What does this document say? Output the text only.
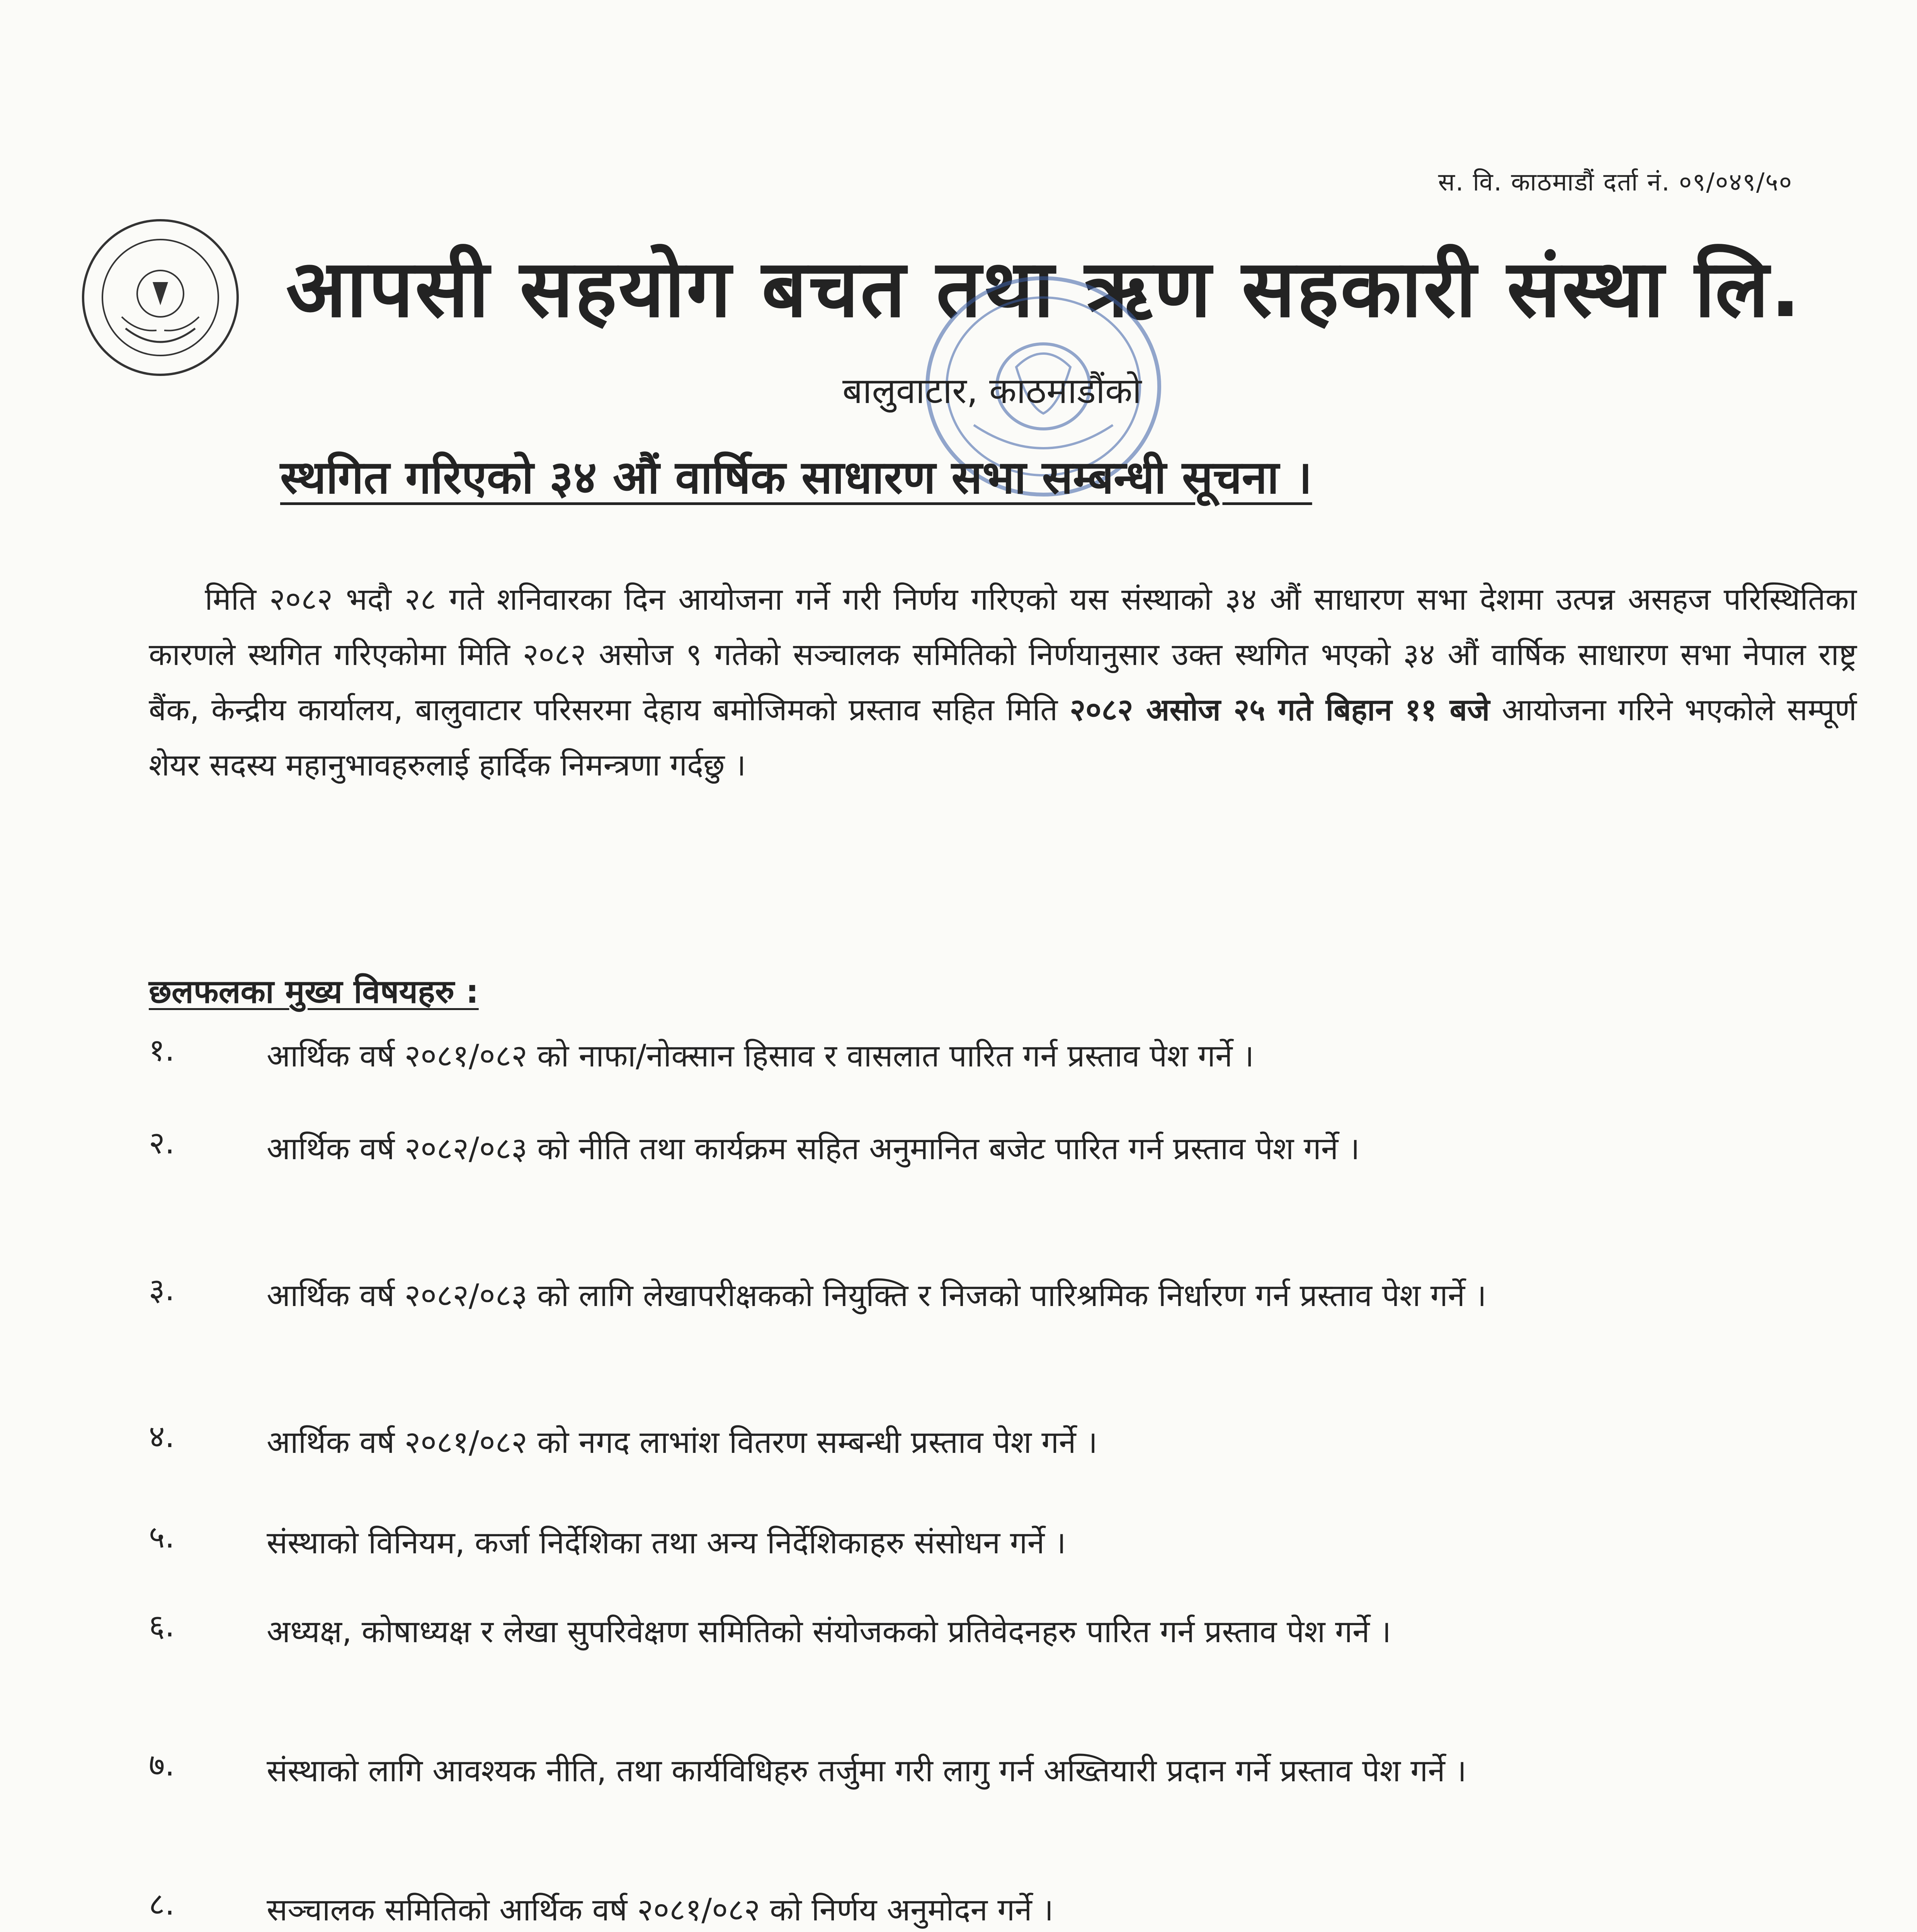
स. वि. काठमाडौं दर्ता नं. ०९/०४९/५०
आपसी सहयोग बचत तथा ऋण सहकारी संस्था लि.
बालुवाटार, काठमाडौंको
स्थगित गरिएको ३४ औं वार्षिक साधारण सभा सम्बन्धी सूचना ।
मिति २०८२ भदौ २८ गते शनिवारका दिन आयोजना गर्ने गरी निर्णय गरिएको यस संस्थाको ३४ औं साधारण सभा देशमा उत्पन्न असहज परिस्थितिका कारणले स्थगित गरिएकोमा मिति २०८२ असोज ९ गतेको सञ्चालक समितिको निर्णयानुसार उक्त स्थगित भएको ३४ औं वार्षिक साधारण सभा नेपाल राष्ट्र बैंक, केन्द्रीय कार्यालय, बालुवाटार परिसरमा देहाय बमोजिमको प्रस्ताव सहित मिति २०८२ असोज २५ गते बिहान ११ बजे आयोजना गरिने भएकोले सम्पूर्ण शेयर सदस्य महानुभावहरुलाई हार्दिक निमन्त्रणा गर्दछु ।
छलफलका मुख्य विषयहरु :
१.	आर्थिक वर्ष २०८१/०८२ को नाफा/नोक्सान हिसाव र वासलात पारित गर्न प्रस्ताव पेश गर्ने ।
२.	आर्थिक वर्ष २०८२/०८३ को नीति तथा कार्यक्रम सहित अनुमानित बजेट पारित गर्न प्रस्ताव पेश गर्ने ।
३.	आर्थिक वर्ष २०८२/०८३ को लागि लेखापरीक्षकको नियुक्ति र निजको पारिश्रमिक निर्धारण गर्न प्रस्ताव पेश गर्ने ।
४.	आर्थिक वर्ष २०८१/०८२ को नगद लाभांश वितरण सम्बन्धी प्रस्ताव पेश गर्ने ।
५.	संस्थाको विनियम, कर्जा निर्देशिका तथा अन्य निर्देशिकाहरु संसोधन गर्ने ।
६.	अध्यक्ष, कोषाध्यक्ष र लेखा सुपरिवेक्षण समितिको संयोजकको प्रतिवेदनहरु पारित गर्न प्रस्ताव पेश गर्ने ।
७.	संस्थाको लागि आवश्यक नीति, तथा कार्यविधिहरु तर्जुमा गरी लागु गर्न अख्तियारी प्रदान गर्ने प्रस्ताव पेश गर्ने ।
८.	सञ्चालक समितिको आर्थिक वर्ष २०८१/०८२ को निर्णय अनुमोदन गर्ने ।
